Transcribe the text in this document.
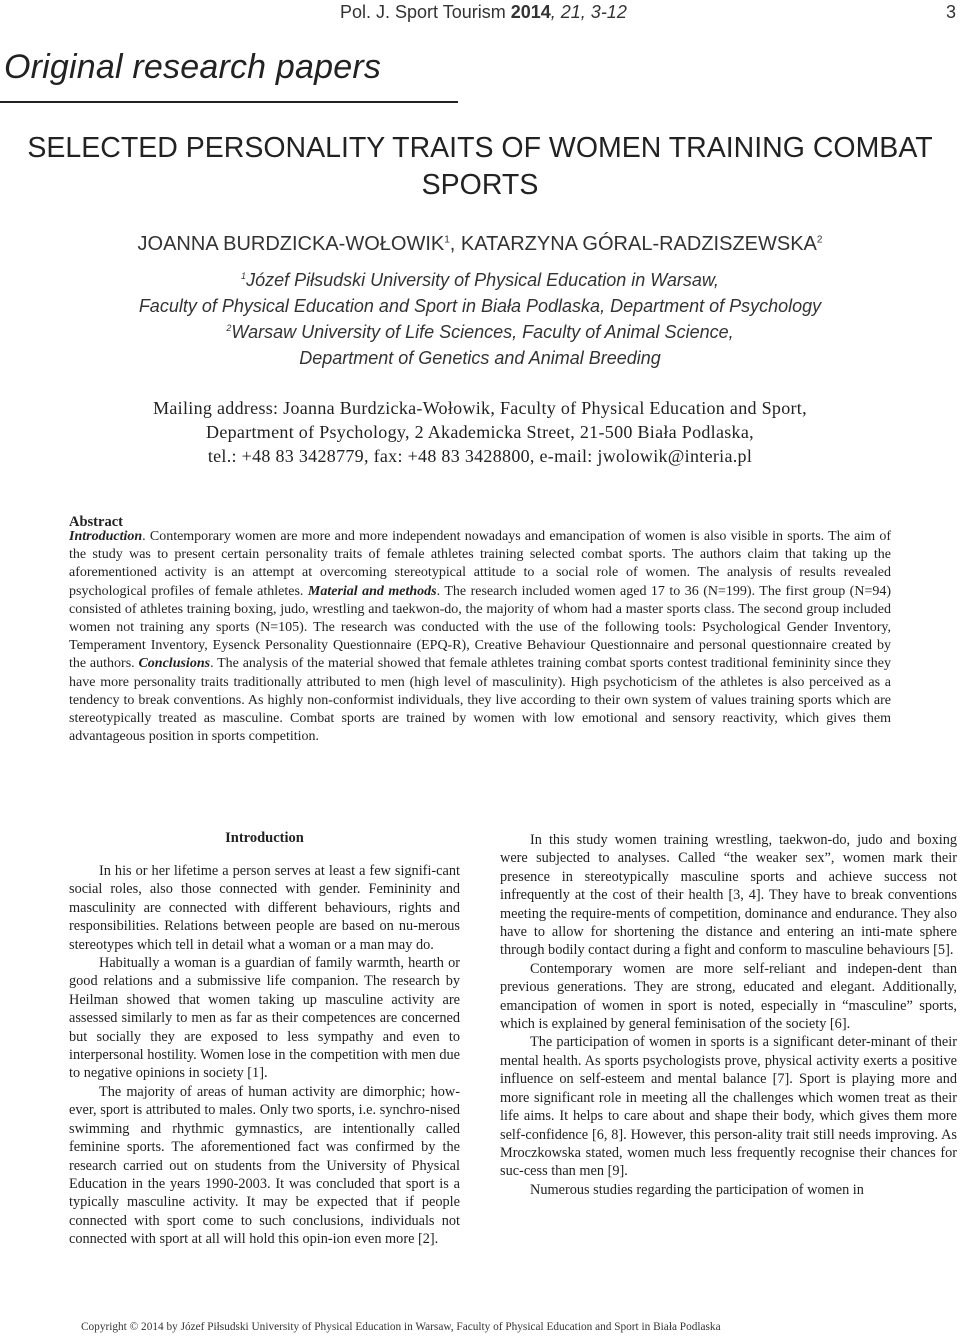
Pol. J. Sport Tourism 2014, 21, 3-12	3
Original research papers
SELECTED PERSONALITY TRAITS OF WOMEN TRAINING COMBAT SPORTS
JOANNA BURDZICKA-WOŁOWIK$^1$, KATARZYNA GÓRAL-RADZISZEWSKA$^2$
$^1$Józef Piłsudski University of Physical Education in Warsaw,
Faculty of Physical Education and Sport in Biała Podlaska, Department of Psychology
$^2$Warsaw University of Life Sciences, Faculty of Animal Science,
Department of Genetics and Animal Breeding
Mailing address: Joanna Burdzicka-Wołowik, Faculty of Physical Education and Sport,
Department of Psychology, 2 Akademicka Street, 21-500 Biała Podlaska,
tel.: +48 83 3428779, fax: +48 83 3428800, e-mail: jwolowik@interia.pl
Abstract
Introduction. Contemporary women are more and more independent nowadays and emancipation of women is also visible in sports. The aim of the study was to present certain personality traits of female athletes training selected combat sports. The authors claim that taking up the aforementioned activity is an attempt at overcoming stereotypical attitude to a social role of women. The analysis of results revealed psychological profiles of female athletes. Material and methods. The research included women aged 17 to 36 (N=199). The first group (N=94) consisted of athletes training boxing, judo, wrestling and taekwon-do, the majority of whom had a master sports class. The second group included women not training any sports (N=105). The research was conducted with the use of the following tools: Psychological Gender Inventory, Temperament Inventory, Eysenck Personality Questionnaire (EPQ-R), Creative Behaviour Questionnaire and personal questionnaire created by the authors. Conclusions. The analysis of the material showed that female athletes training combat sports contest traditional femininity since they have more personality traits traditionally attributed to men (high level of masculinity). High psychoticism of the athletes is also perceived as a tendency to break conventions. As highly non-conformist individuals, they live according to their own system of values training sports which are stereotypically treated as masculine. Combat sports are trained by women with low emotional and sensory reactivity, which gives them advantageous position in sports competition.
Introduction

In his or her lifetime a person serves at least a few signifi-cant social roles, also those connected with gender. Femininity and masculinity are connected with different behaviours, rights and responsibilities. Relations between people are based on nu-merous stereotypes which tell in detail what a woman or a man may do.

Habitually a woman is a guardian of family warmth, hearth or good relations and a submissive life companion. The research by Heilman showed that women taking up masculine activity are assessed similarly to men as far as their competences are concerned but socially they are exposed to less sympathy and even to interpersonal hostility. Women lose in the competition with men due to negative opinions in society [1].

The majority of areas of human activity are dimorphic; how-ever, sport is attributed to males. Only two sports, i.e. synchro-nised swimming and rhythmic gymnastics, are intentionally called feminine sports. The aforementioned fact was confirmed by the research carried out on students from the University of Physical Education in the years 1990-2003. It was concluded that sport is a typically masculine activity. It may be expected that if people connected with sport come to such conclusions, individuals not connected with sport at all will hold this opin-ion even more [2].

In this study women training wrestling, taekwon-do, judo and boxing were subjected to analyses. Called “the weaker sex”, women mark their presence in stereotypically masculine sports and achieve success not infrequently at the cost of their health [3, 4]. They have to break conventions meeting the require-ments of competition, dominance and endurance. They also have to allow for shortening the distance and entering an inti-mate sphere through bodily contact during a fight and conform to masculine behaviours [5].

Contemporary women are more self-reliant and indepen-dent than previous generations. They are strong, educated and elegant. Additionally, emancipation of women in sport is noted, especially in “masculine” sports, which is explained by general feminisation of the society [6].

The participation of women in sports is a significant deter-minant of their mental health. As sports psychologists prove, physical activity exerts a positive influence on self-esteem and mental balance [7]. Sport is playing more and more significant role in meeting all the challenges which women treat as their life aims. It helps to care about and shape their body, which gives them more self-confidence [6, 8]. However, this person-ality trait still needs improving. As Mroczkowska stated, women much less frequently recognise their chances for suc-cess than men [9].

Numerous studies regarding the participation of women in

Copyright © 2014 by Józef Piłsudski University of Physical Education in Warsaw, Faculty of Physical Education and Sport in Biała Podlaska
